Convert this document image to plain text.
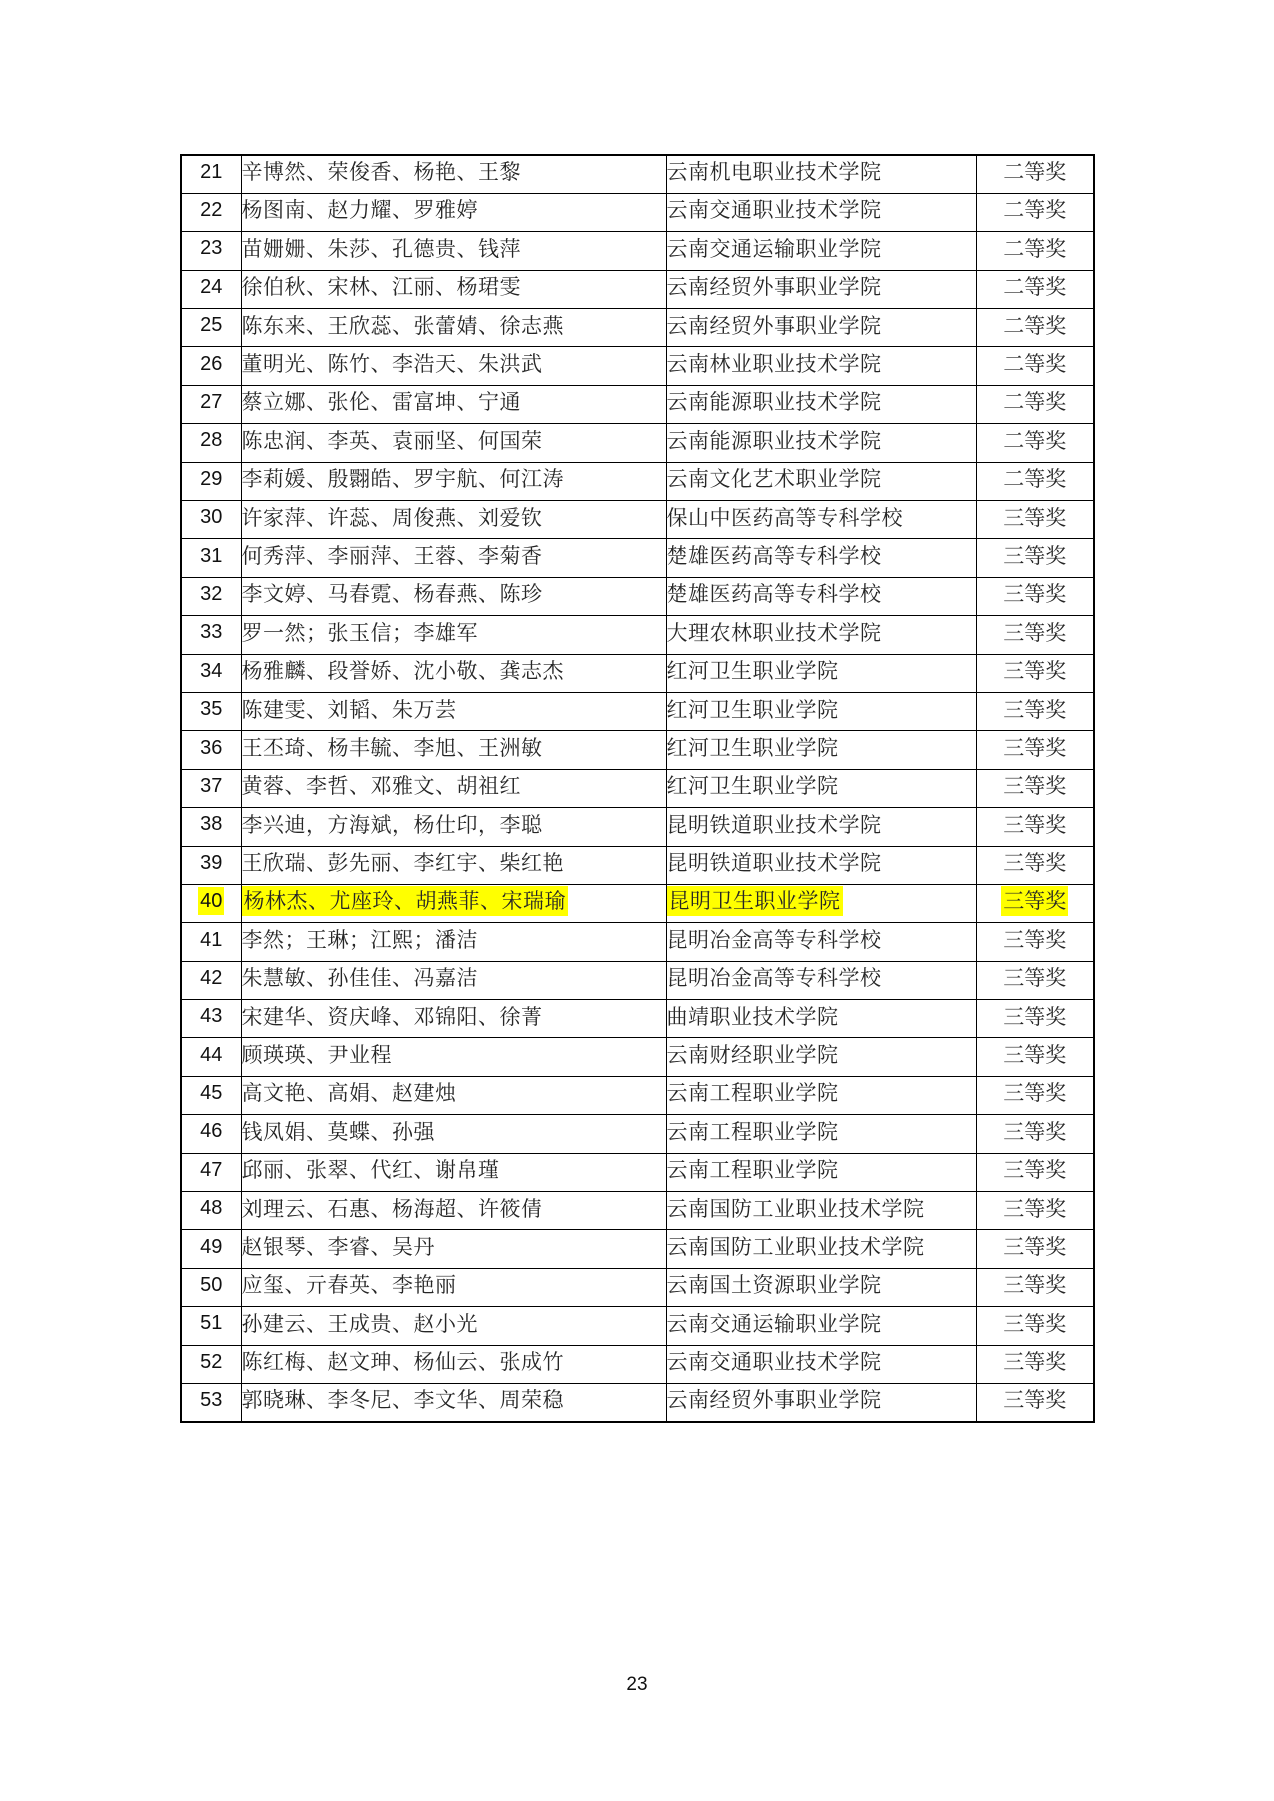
21	辛博然、荣俊香、杨艳、王黎	云南机电职业技术学院	二等奖
22	杨图南、赵力耀、罗雅婷	云南交通职业技术学院	二等奖
23	苗姗姗、朱莎、孔德贵、钱萍	云南交通运输职业学院	二等奖
24	徐伯秋、宋林、江丽、杨珺雯	云南经贸外事职业学院	二等奖
25	陈东来、王欣蕊、张蕾婧、徐志燕	云南经贸外事职业学院	二等奖
26	董明光、陈竹、李浩天、朱洪武	云南林业职业技术学院	二等奖
27	蔡立娜、张伦、雷富坤、宁通	云南能源职业技术学院	二等奖
28	陈忠润、李英、袁丽坚、何国荣	云南能源职业技术学院	二等奖
29	李莉媛、殷翾皓、罗宇航、何江涛	云南文化艺术职业学院	二等奖
30	许家萍、许蕊、周俊燕、刘爱钦	保山中医药高等专科学校	三等奖
31	何秀萍、李丽萍、王蓉、李菊香	楚雄医药高等专科学校	三等奖
32	李文婷、马春霓、杨春燕、陈珍	楚雄医药高等专科学校	三等奖
33	罗一然；张玉信；李雄军	大理农林职业技术学院	三等奖
34	杨雅麟、段誉娇、沈小敬、龚志杰	红河卫生职业学院	三等奖
35	陈建雯、刘韬、朱万芸	红河卫生职业学院	三等奖
36	王丕琦、杨丰毓、李旭、王洲敏	红河卫生职业学院	三等奖
37	黄蓉、李哲、邓雅文、胡祖红	红河卫生职业学院	三等奖
38	李兴迪，方海斌，杨仕印，李聪	昆明铁道职业技术学院	三等奖
39	王欣瑞、彭先丽、李红宇、柴红艳	昆明铁道职业技术学院	三等奖
40	杨林杰、尤座玲、胡燕菲、宋瑞瑜	昆明卫生职业学院	三等奖
41	李然；王琳；江熙；潘洁	昆明冶金高等专科学校	三等奖
42	朱慧敏、孙佳佳、冯嘉洁	昆明冶金高等专科学校	三等奖
43	宋建华、资庆峰、邓锦阳、徐菁	曲靖职业技术学院	三等奖
44	顾瑛瑛、尹业程	云南财经职业学院	三等奖
45	高文艳、高娟、赵建烛	云南工程职业学院	三等奖
46	钱凤娟、莫蝶、孙强	云南工程职业学院	三等奖
47	邱丽、张翠、代红、谢帛瑾	云南工程职业学院	三等奖
48	刘理云、石惠、杨海超、许筱倩	云南国防工业职业技术学院	三等奖
49	赵银琴、李睿、吴丹	云南国防工业职业技术学院	三等奖
50	应玺、亓春英、李艳丽	云南国土资源职业学院	三等奖
51	孙建云、王成贵、赵小光	云南交通运输职业学院	三等奖
52	陈红梅、赵文珅、杨仙云、张成竹	云南交通职业技术学院	三等奖
53	郭晓琳、李冬尼、李文华、周荣稳	云南经贸外事职业学院	三等奖
23
